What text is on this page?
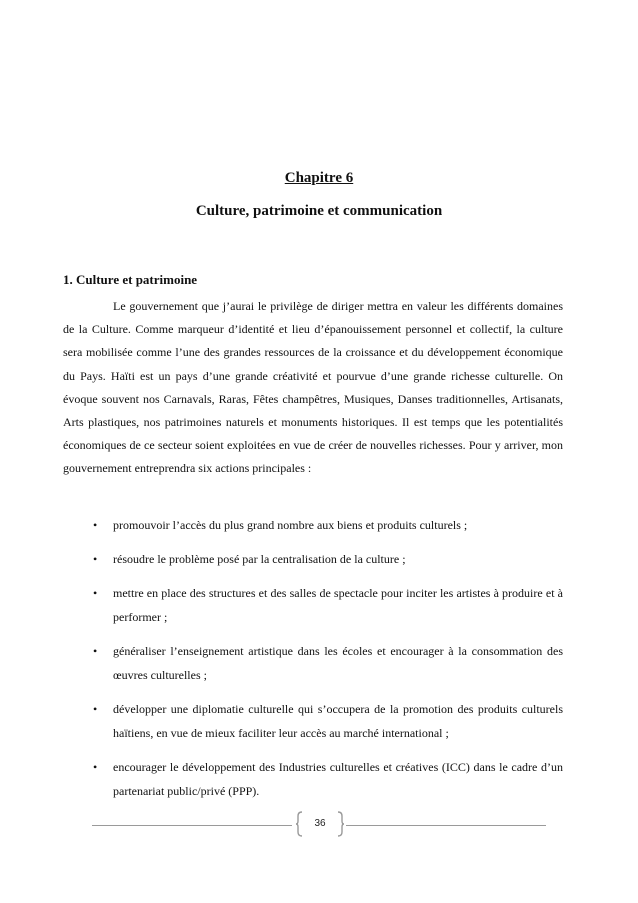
Chapitre 6
Culture, patrimoine et communication
1. Culture et patrimoine

Le gouvernement que j’aurai le privilège de diriger mettra en valeur les différents domaines de la Culture. Comme marqueur d’identité et lieu d’épanouissement personnel et collectif, la culture sera mobilisée comme l’une des grandes ressources de la croissance et du développement économique du Pays. Haïti est un pays d’une grande créativité et pourvue d’une grande richesse culturelle. On évoque souvent nos Carnavals, Raras, Fêtes champêtres, Musiques, Danses traditionnelles, Artisanats, Arts plastiques, nos patrimoines naturels et monuments historiques. Il est temps que les potentialités économiques de ce secteur soient exploitées en vue de créer de nouvelles richesses. Pour y arriver, mon gouvernement entreprendra six actions principales :

• promouvoir l’accès du plus grand nombre aux biens et produits culturels ;
• résoudre le problème posé par la centralisation de la culture ;
• mettre en place des structures et des salles de spectacle pour inciter les artistes à produire et à performer ;
• généraliser l’enseignement artistique dans les écoles et encourager à la consommation des œuvres culturelles ;
• développer une diplomatie culturelle qui s’occupera de la promotion des produits culturels haïtiens, en vue de mieux faciliter leur accès au marché international ;
• encourager le développement des Industries culturelles et créatives (ICC) dans le cadre d’un partenariat public/privé (PPP).
36
